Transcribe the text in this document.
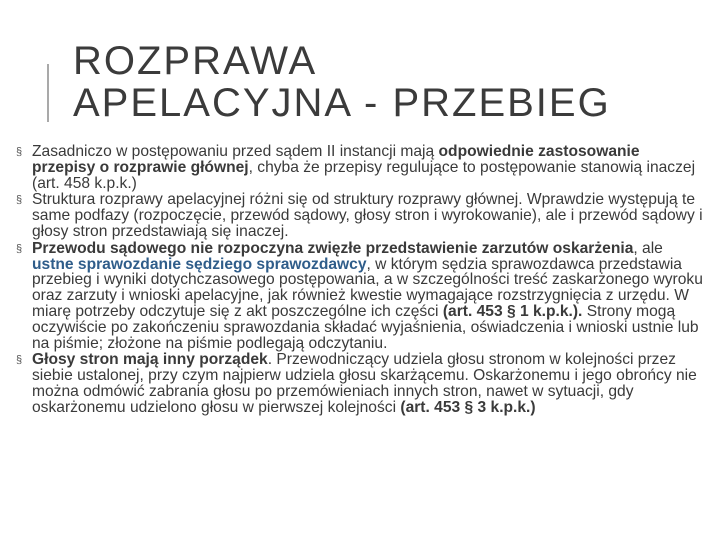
ROZPRAWA
APELACYJNA - PRZEBIEG

§ Zasadniczo w postępowaniu przed sądem II instancji mają odpowiednie zastosowanie przepisy o rozprawie głównej, chyba że przepisy regulujące to postępowanie stanowią inaczej (art. 458 k.p.k.)

§ Struktura rozprawy apelacyjnej różni się od struktury rozprawy głównej. Wprawdzie występują te same podfazy (rozpoczęcie, przewód sądowy, głosy stron i wyrokowanie), ale i przewód sądowy i głosy stron przedstawiają się inaczej.

§ Przewodu sądowego nie rozpoczyna zwięzłe przedstawienie zarzutów oskarżenia, ale ustne sprawozdanie sędziego sprawozdawcy, w którym sędzia sprawozdawca przedstawia przebieg i wyniki dotychczasowego postępowania, a w szczególności treść zaskarżonego wyroku oraz zarzuty i wnioski apelacyjne, jak również kwestie wymagające rozstrzygnięcia z urzędu. W miarę potrzeby odczytuje się z akt poszczególne ich części (art. 453 § 1 k.p.k.). Strony mogą oczywiście po zakończeniu sprawozdania składać wyjaśnienia, oświadczenia i wnioski ustnie lub na piśmie; złożone na piśmie podlegają odczytaniu.

§ Głosy stron mają inny porządek. Przewodniczący udziela głosu stronom w kolejności przez siebie ustalonej, przy czym najpierw udziela głosu skarżącemu. Oskarżonemu i jego obrońcy nie można odmówić zabrania głosu po przemówieniach innych stron, nawet w sytuacji, gdy oskarżonemu udzielono głosu w pierwszej kolejności (art. 453 § 3 k.p.k.)
